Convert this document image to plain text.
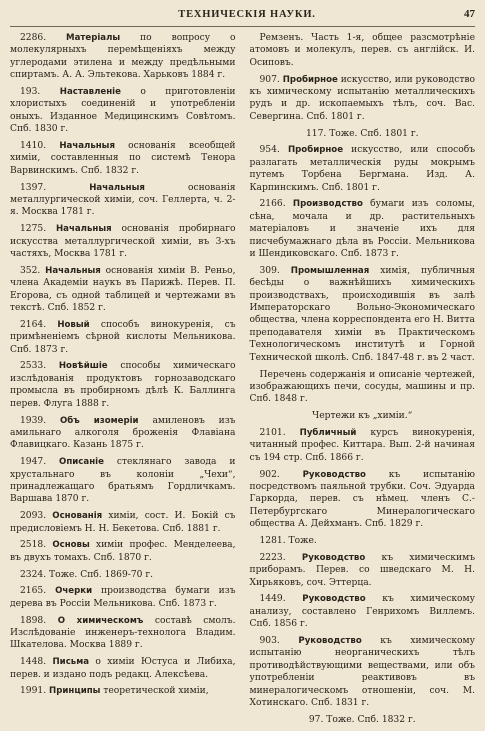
ТЕХНИЧЕСКІЯ НАУКИ.	47

2286. Матеріалы по вопросу о молекулярныхъ перемѣщеніяхъ между углеродами этилена и между предѣльными спиртамъ. А. А. Эльтекова. Харьковъ 1884 г.

193. Наставленіе о приготовленіи хлористыхъ соединеній и употребленіи оныхъ. Изданное Медицинскимъ Совѣтомъ. Спб. 1830 г.

1410. Начальныя основанія всеобщей химіи, составленныя по системѣ Тенора Варвинскимъ. Спб. 1832 г.

1397.	Начальныя основанія металлургической химіи, соч. Геллерта, ч. 2-я. Москва 1781 г.

1275. Начальныя основанія пробирнаго искусства металлургической химіи, въ 3-хъ частяхъ, Москва 1781 г.

352. Начальныя основанія химіи В. Реньо, члена Академіи наукъ въ Парижѣ. Перев. П. Егорова, съ одной таблицей и чертежами въ текстѣ. Спб. 1852 г.

2164. Новый способъ винокуренія, съ примѣненіемъ сѣрной кислоты Мельникова. Спб. 1873 г.

2533. Новѣйшіе способы химическаго изслѣдованія продуктовъ горнозаводскаго промысла въ пробирномъ дѣлѣ К. Баллинга перев. Флуга 1888 г.

1939. Объ изомеріи амиленовъ изъ амильнаго алкоголя броженія Флавіана Флавицкаго. Казань 1875 г.

1947. Описаніе стеклянаго завода и хрустальнаго въ колоніи „Чехи“, принадлежащаго братьямъ Гордличкамъ. Варшава 1870 г.

2093. Основанія химіи, сост. И. Бокій съ предисловіемъ Н. Н. Бекетова. Спб. 1881 г.

2518. Основы химіи профес. Менделеева, въ двухъ томахъ. Спб. 1870 г.

2324. Тоже. Спб. 1869-70 г.

2165. Очерки производства бумаги изъ дерева въ Россіи Мельникова. Спб. 1873 г.

1898. О химическомъ составѣ смолъ. Изслѣдованіе инженеръ-технолога Владим. Шкателова. Москва 1889 г.

1448. Письма о химіи Юстуса и Либиха, перев. и издано подъ редакц. Алексѣева.

1991. Принципы теоретической химіи,

Ремзенъ. Часть 1-я, общее разсмотрѣніе атомовъ и молекулъ, перев. съ англійск. И. Осиповъ.

907. Пробирное искусство, или руководство къ химическому испытанію металлическихъ рудъ и др. ископаемыхъ тѣлъ, соч. Вас. Севергина. Спб. 1801 г.

117. Тоже. Спб. 1801 г.

954. Пробирное искусство, или способъ разлагать металлическія руды мокрымъ путемъ Торбена Бергмана. Изд. А. Карпинскимъ. Спб. 1801 г.

2166. Производство бумаги изъ соломы, сѣна, мочала и др. растительныхъ матеріаловъ и значеніе ихъ для писчебумажнаго дѣла въ Россіи. Мельникова и Шендиковскаго. Спб. 1873 г.

309. Промышленная химія, публичныя бесѣды о важнѣйшихъ химическихъ производствахъ, происходившія въ залѣ Императорскаго Вольно-Экономическаго общества, члена корреспондента его Н. Витта преподавателя химіи въ Практическомъ Технологическомъ институтѣ и Горной Технической школѣ. Спб. 1847-48 г. въ 2 част.

Перечень содержанія и описаніе чертежей, изображающихъ печи, сосуды, машины и пр. Спб. 1848 г.

Чертежи къ „химіи.“

2101. Публичный курсъ винокуренія, читанный профес. Киттара. Вып. 2-й начиная съ 194 стр. Спб. 1866 г.

902.	Руководство къ испытанію посредствомъ паяльной трубки. Соч. Эдуарда Гаркорда, перев. съ нѣмец. членъ С.-Петербургскаго Минералогическаго общества А. Дейхманъ. Спб. 1829 г.

1281. Тоже.

2223. Руководство къ химическимъ приборамъ. Перев. со шведскаго М. Н. Хирьяковъ, соч. Эттерца.

1449. Руководство къ химическому анализу, составлено Генрихомъ Виллемъ. Спб. 1856 г.

903. Руководство къ химическому испытанію неорганическихъ тѣлъ противодѣйствующими веществами, или объ употребленіи реактивовъ въ минералогическомъ отношеніи, соч. М. Хотинскаго. Спб. 1831 г.

97. Тоже. Спб. 1832 г.
